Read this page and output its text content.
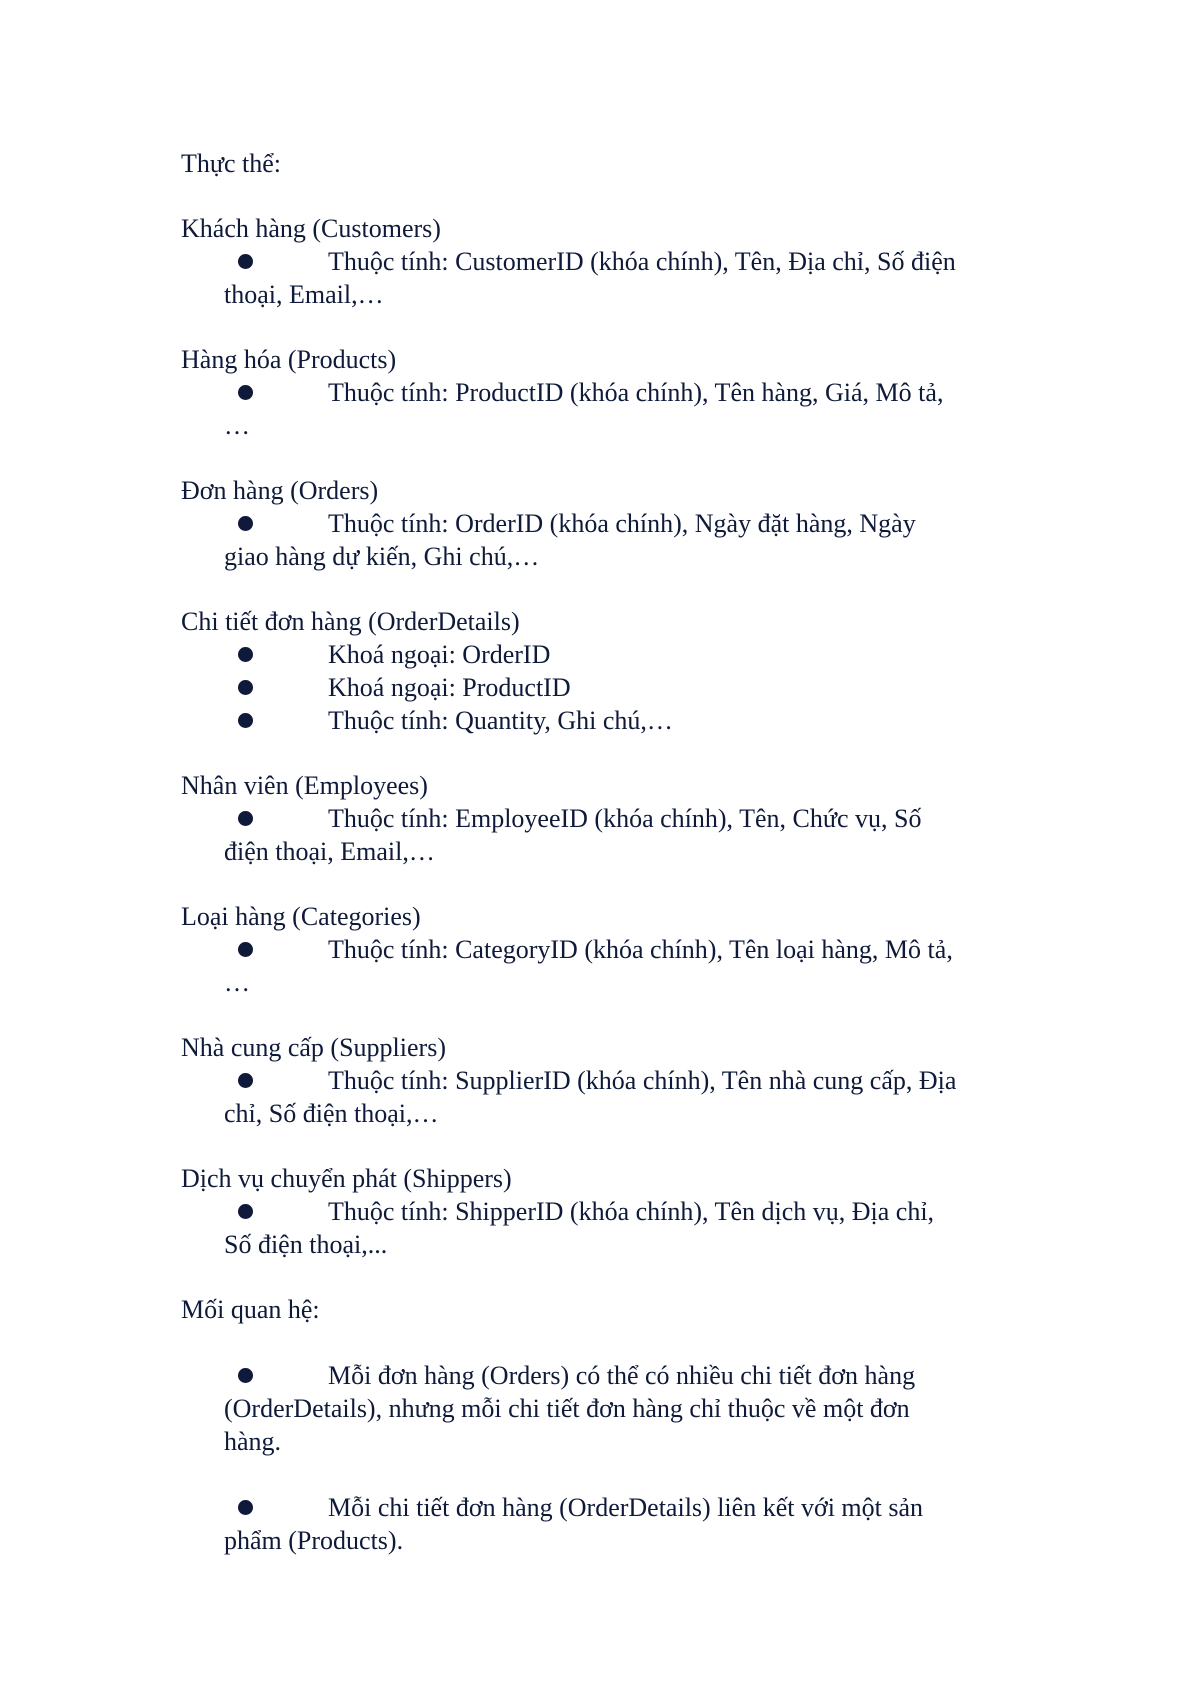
Thực thể:
Khách hàng (Customers)
Thuộc tính: CustomerID (khóa chính), Tên, Địa chỉ, Số điện
thoại, Email,…
Hàng hóa (Products)
Thuộc tính: ProductID (khóa chính), Tên hàng, Giá, Mô tả,
…
Đơn hàng (Orders)
Thuộc tính: OrderID (khóa chính), Ngày đặt hàng, Ngày
giao hàng dự kiến, Ghi chú,…
Chi tiết đơn hàng (OrderDetails)
Khoá ngoại: OrderID
Khoá ngoại: ProductID
Thuộc tính: Quantity, Ghi chú,…
Nhân viên (Employees)
Thuộc tính: EmployeeID (khóa chính), Tên, Chức vụ, Số
điện thoại, Email,…
Loại hàng (Categories)
Thuộc tính: CategoryID (khóa chính), Tên loại hàng, Mô tả,
…
Nhà cung cấp (Suppliers)
Thuộc tính: SupplierID (khóa chính), Tên nhà cung cấp, Địa
chỉ, Số điện thoại,…
Dịch vụ chuyển phát (Shippers)
Thuộc tính: ShipperID (khóa chính), Tên dịch vụ, Địa chỉ,
Số điện thoại,...
Mối quan hệ:
Mỗi đơn hàng (Orders) có thể có nhiều chi tiết đơn hàng
(OrderDetails), nhưng mỗi chi tiết đơn hàng chỉ thuộc về một đơn
hàng.
Mỗi chi tiết đơn hàng (OrderDetails) liên kết với một sản
phẩm (Products).
